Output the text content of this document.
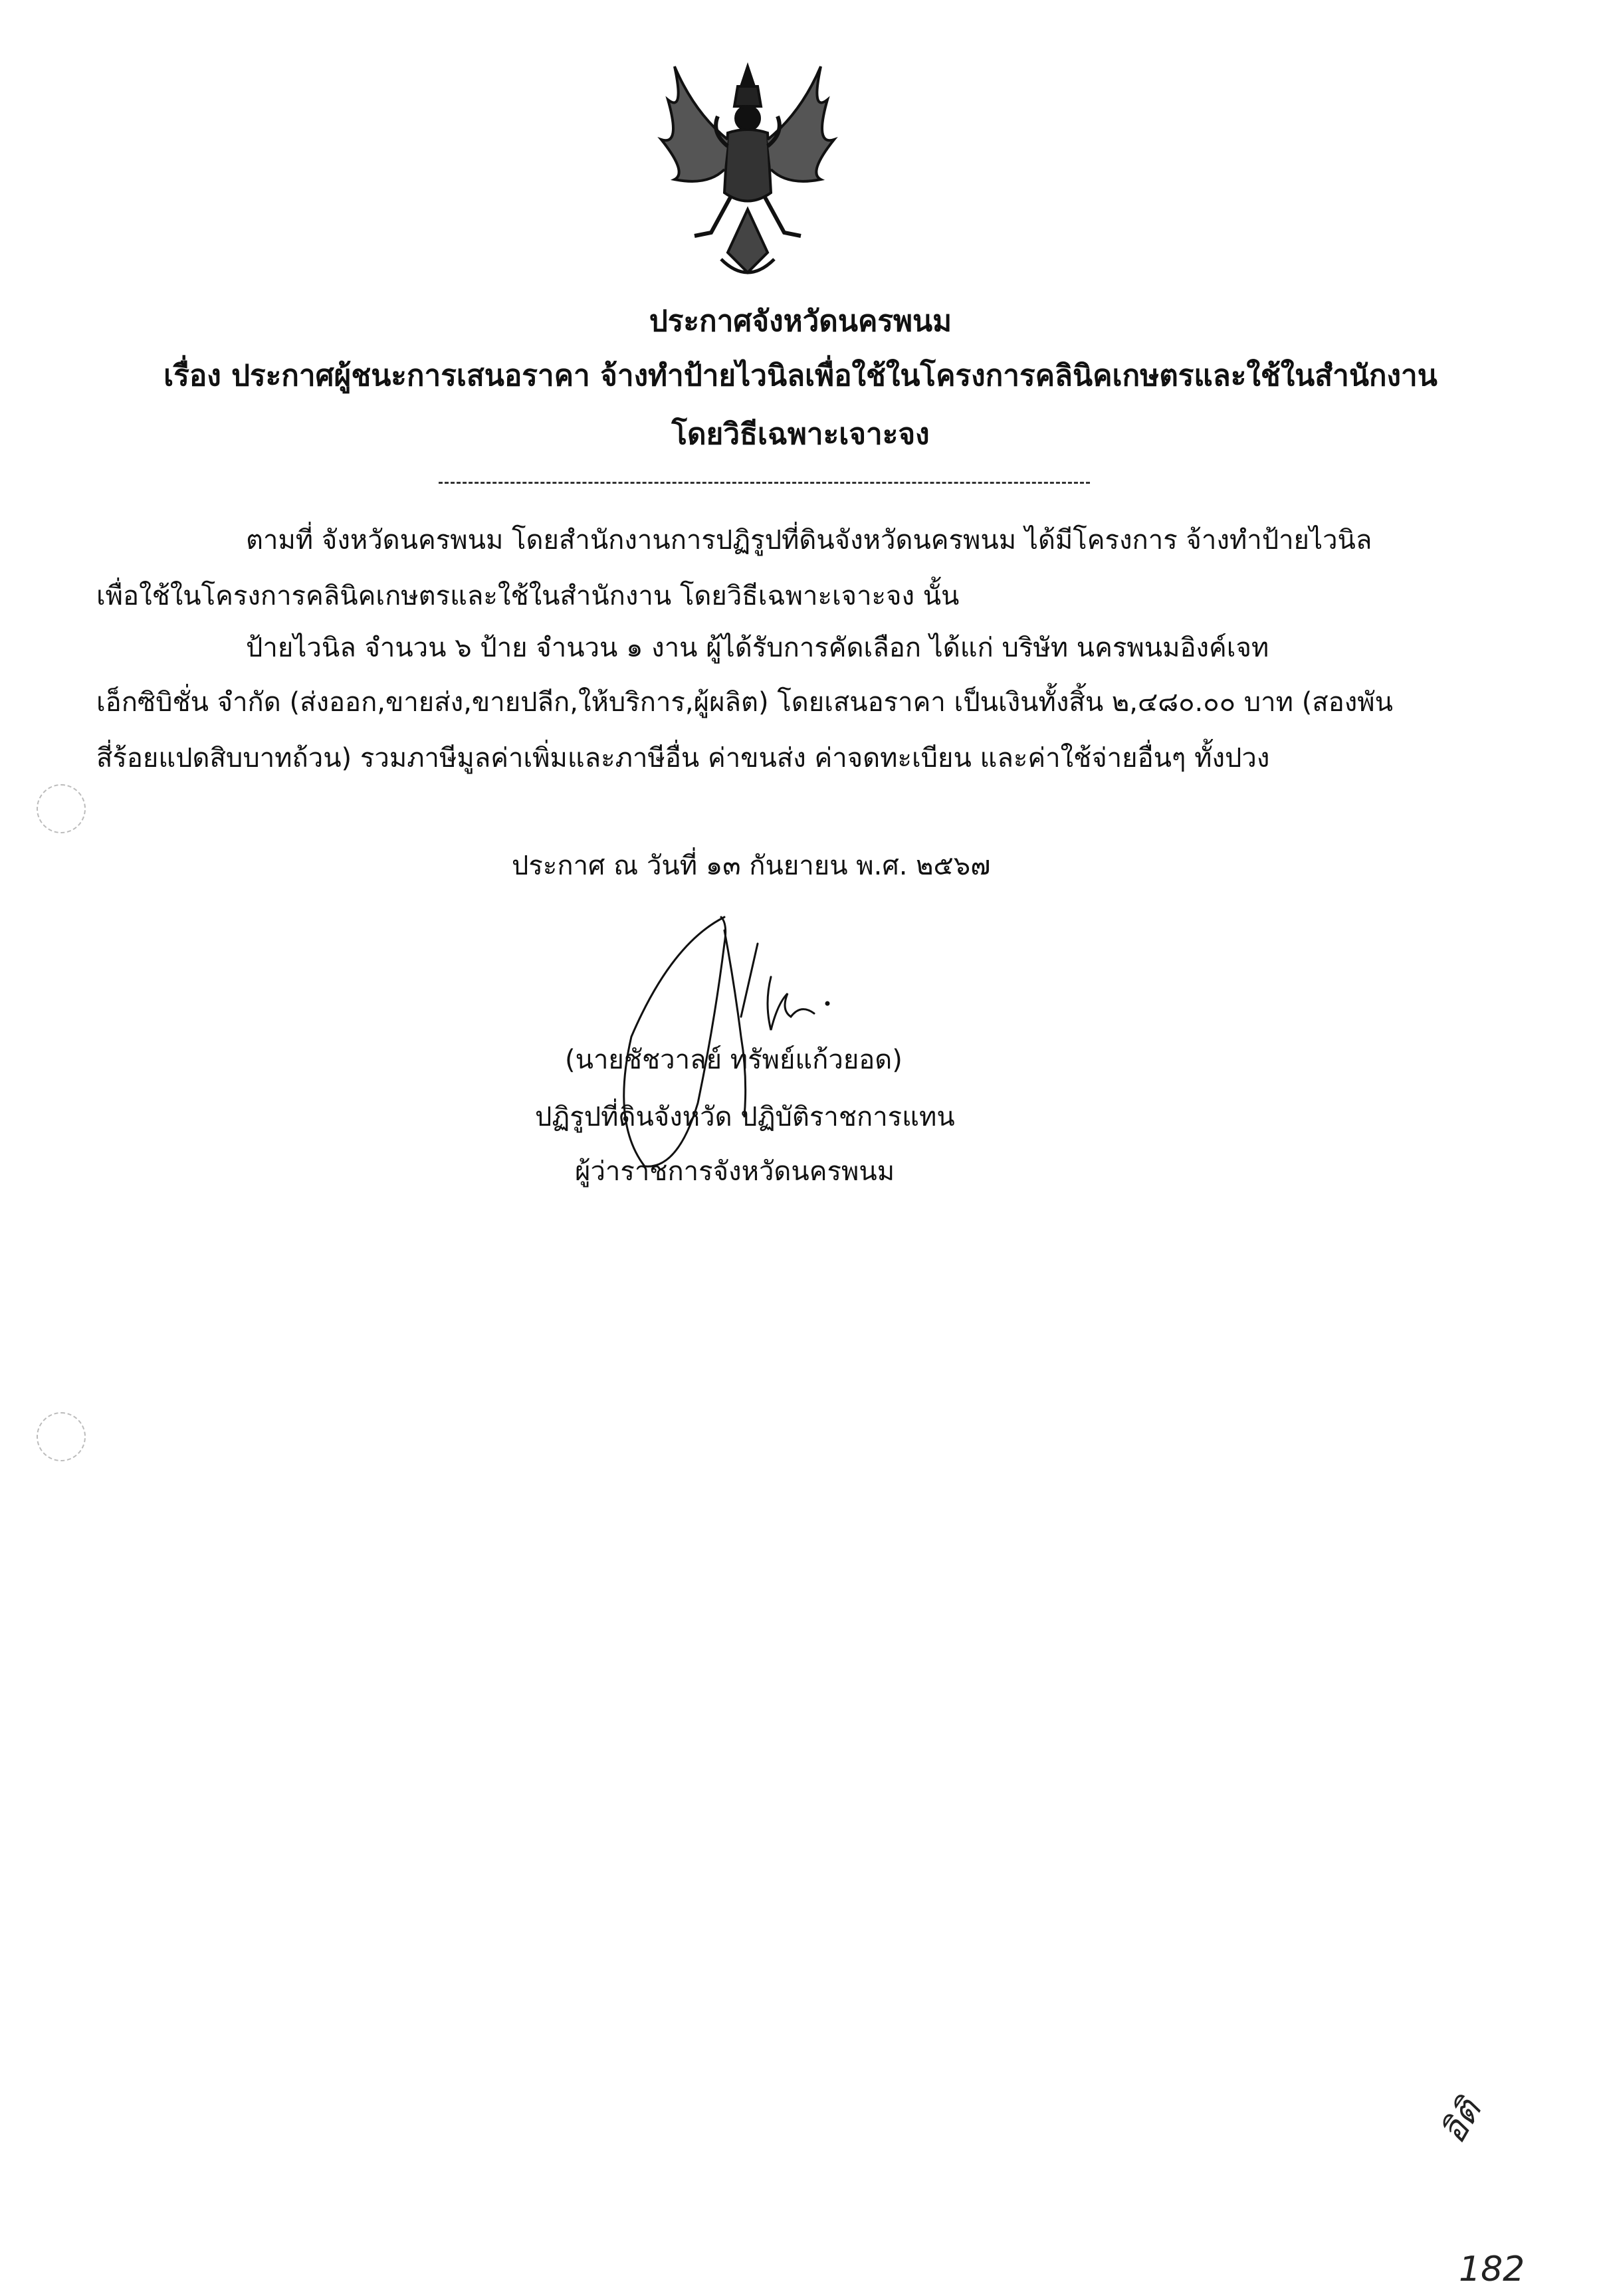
ประกาศจังหวัดนครพนม
เรื่อง ประกาศผู้ชนะการเสนอราคา จ้างทำป้ายไวนิลเพื่อใช้ในโครงการคลินิคเกษตรและใช้ในสำนักงาน
โดยวิธีเฉพาะเจาะจง
ตามที่ จังหวัดนครพนม โดยสำนักงานการปฏิรูปที่ดินจังหวัดนครพนม ได้มีโครงการ จ้างทำป้ายไวนิล
เพื่อใช้ในโครงการคลินิคเกษตรและใช้ในสำนักงาน โดยวิธีเฉพาะเจาะจง นั้น
ป้ายไวนิล จำนวน ๖ ป้าย จำนวน ๑ งาน ผู้ได้รับการคัดเลือก ได้แก่ บริษัท นครพนมอิงค์เจท
เอ็กซิบิชั่น จำกัด (ส่งออก,ขายส่ง,ขายปลีก,ให้บริการ,ผู้ผลิต) โดยเสนอราคา เป็นเงินทั้งสิ้น ๒,๔๘๐.๐๐ บาท (สองพัน
สี่ร้อยแปดสิบบาทถ้วน) รวมภาษีมูลค่าเพิ่มและภาษีอื่น ค่าขนส่ง ค่าจดทะเบียน และค่าใช้จ่ายอื่นๆ ทั้งปวง
ประกาศ ณ วันที่ ๑๓ กันยายน พ.ศ. ๒๕๖๗
(นายชัชวาลย์ ทรัพย์แก้วยอด)
ปฏิรูปที่ดินจังหวัด ปฏิบัติราชการแทน
ผู้ว่าราชการจังหวัดนครพนม
อิติ
182
